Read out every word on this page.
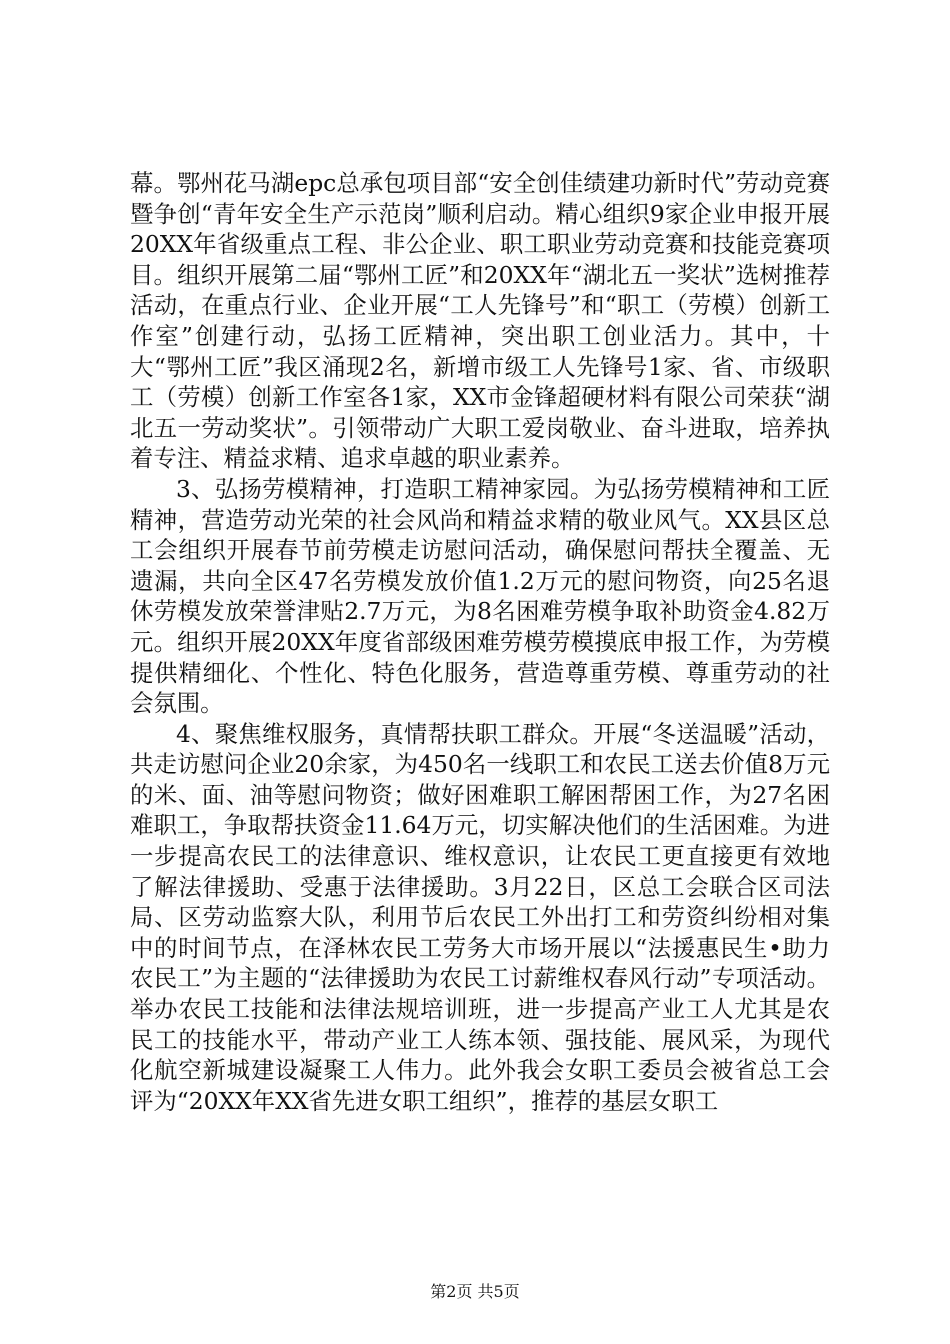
幕。鄂州花马湖epc总承包项目部“安全创佳绩建功新时代”劳动竞赛暨争创“青年安全生产示范岗”顺利启动。精心组织9家企业申报开展20XX年省级重点工程、非公企业、职工职业劳动竞赛和技能竞赛项目。组织开展第二届“鄂州工匠”和20XX年“湖北五一奖状”选树推荐活动，在重点行业、企业开展“工人先锋号”和“职工（劳模）创新工作室”创建行动，弘扬工匠精神，突出职工创业活力。其中，十大“鄂州工匠”我区涌现2名，新增市级工人先锋号1家、省、市级职工（劳模）创新工作室各1家，XX市金锋超硬材料有限公司荣获“湖北五一劳动奖状”。引领带动广大职工爱岗敬业、奋斗进取，培养执着专注、精益求精、追求卓越的职业素养。

3、弘扬劳模精神，打造职工精神家园。为弘扬劳模精神和工匠精神，营造劳动光荣的社会风尚和精益求精的敬业风气。XX县区总工会组织开展春节前劳模走访慰问活动，确保慰问帮扶全覆盖、无遗漏，共向全区47名劳模发放价值1.2万元的慰问物资，向25名退休劳模发放荣誉津贴2.7万元，为8名困难劳模争取补助资金4.82万元。组织开展20XX年度省部级困难劳模劳模摸底申报工作，为劳模提供精细化、个性化、特色化服务，营造尊重劳模、尊重劳动的社会氛围。

4、聚焦维权服务，真情帮扶职工群众。开展“冬送温暖”活动，共走访慰问企业20余家，为450名一线职工和农民工送去价值8万元的米、面、油等慰问物资；做好困难职工解困帮困工作，为27名困难职工，争取帮扶资金11.64万元，切实解决他们的生活困难。为进一步提高农民工的法律意识、维权意识，让农民工更直接更有效地了解法律援助、受惠于法律援助。3月22日，区总工会联合区司法局、区劳动监察大队，利用节后农民工外出打工和劳资纠纷相对集中的时间节点，在泽林农民工劳务大市场开展以“法援惠民生•助力农民工”为主题的“法律援助为农民工讨薪维权春风行动”专项活动。举办农民工技能和法律法规培训班，进一步提高产业工人尤其是农民工的技能水平，带动产业工人练本领、强技能、展风采，为现代化航空新城建设凝聚工人伟力。此外我会女职工委员会被省总工会评为“20XX年XX省先进女职工组织”，推荐的基层女职工

第2页 共5页
